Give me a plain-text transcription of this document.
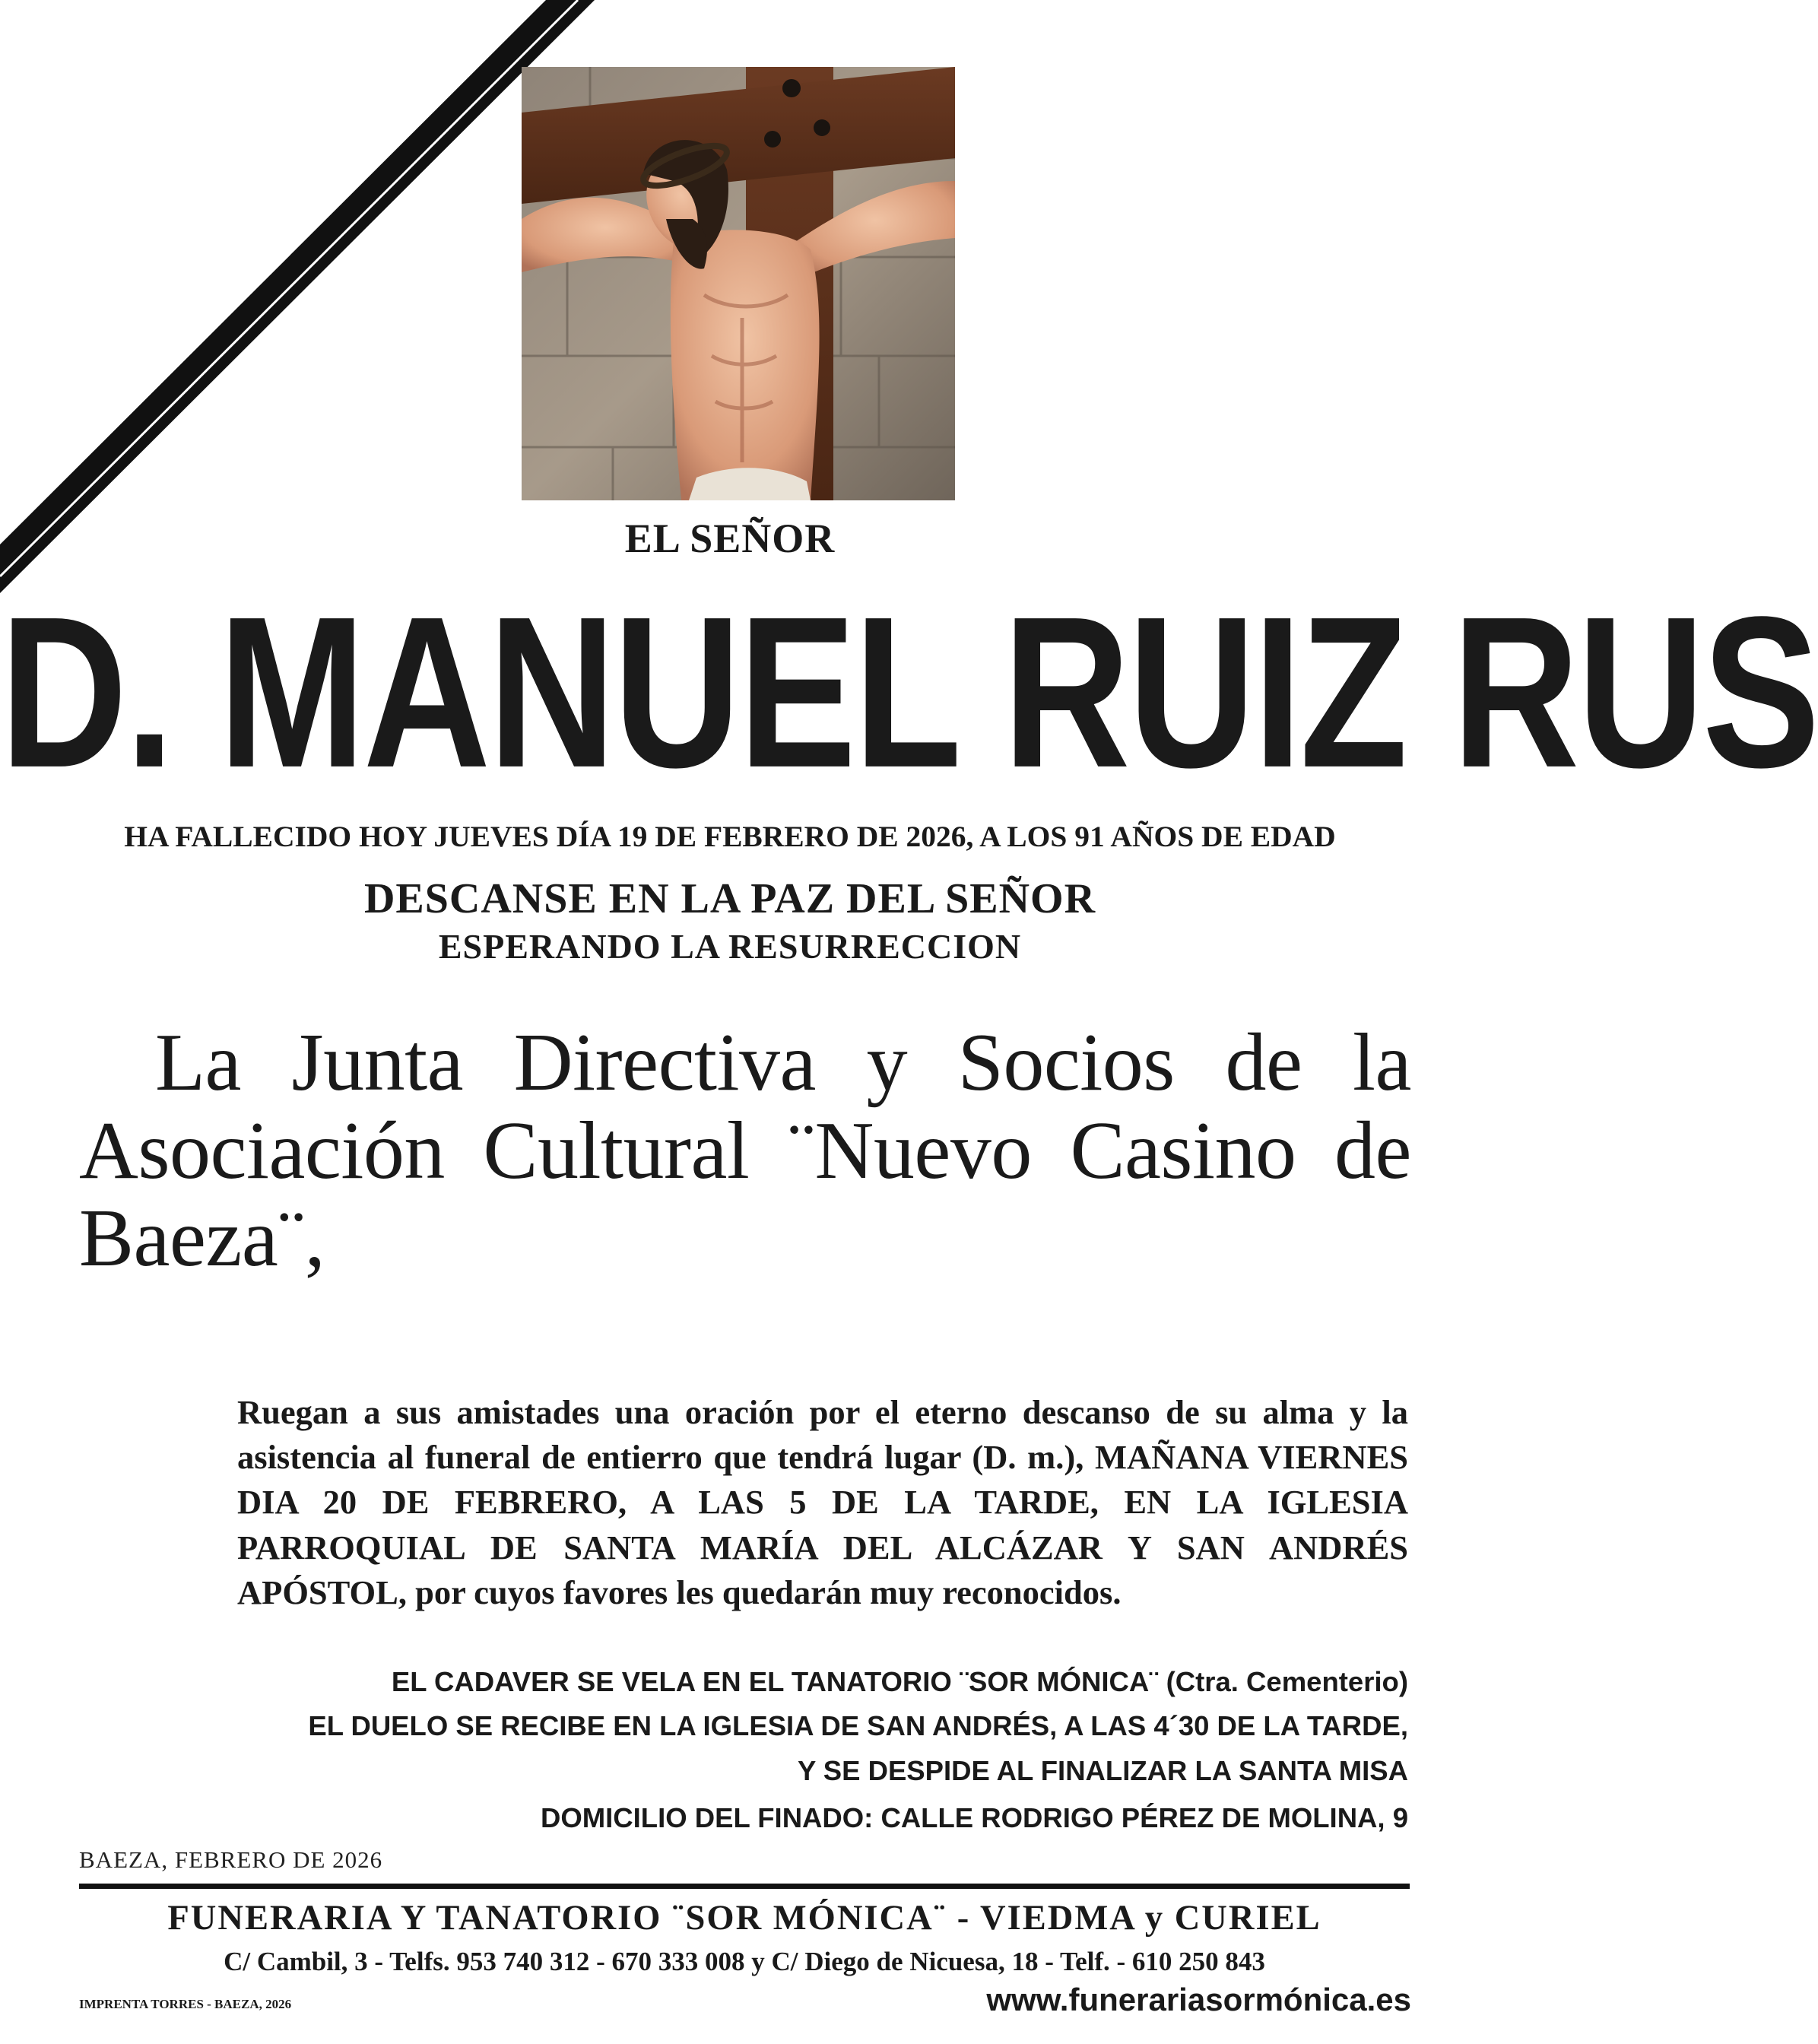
EL SEÑOR
D. MANUEL RUIZ RUS
HA FALLECIDO HOY JUEVES DÍA 19 DE FEBRERO DE 2026, A LOS 91 AÑOS DE EDAD
DESCANSE EN LA PAZ DEL SEÑOR
ESPERANDO LA RESURRECCION
La Junta Directiva y Socios de la Asociación Cultural ¨Nuevo Casino de Baeza¨,
Ruegan a sus amistades una oración por el eterno descanso de su alma y la asistencia al funeral de entierro que tendrá lugar (D. m.), MAÑANA VIERNES DIA 20 DE FEBRERO, A LAS 5 DE LA TARDE, EN LA IGLESIA PARROQUIAL DE SANTA MARÍA DEL ALCÁZAR Y SAN ANDRÉS APÓSTOL, por cuyos favores les quedarán muy reconocidos.
EL CADAVER SE VELA EN EL TANATORIO ¨SOR MÓNICA¨ (Ctra. Cementerio)
EL DUELO SE RECIBE EN LA IGLESIA DE SAN ANDRÉS, A LAS 4´30 DE LA TARDE,
Y SE DESPIDE AL FINALIZAR LA SANTA MISA
DOMICILIO DEL FINADO: CALLE RODRIGO PÉREZ DE MOLINA, 9
BAEZA, FEBRERO DE 2026
FUNERARIA Y TANATORIO ¨SOR MÓNICA¨ - VIEDMA y CURIEL
C/ Cambil, 3 - Telfs. 953 740 312 - 670 333 008 y C/ Diego de Nicuesa, 18 - Telf. - 610 250 843
IMPRENTA TORRES - BAEZA, 2026	www.funerariasormónica.es
